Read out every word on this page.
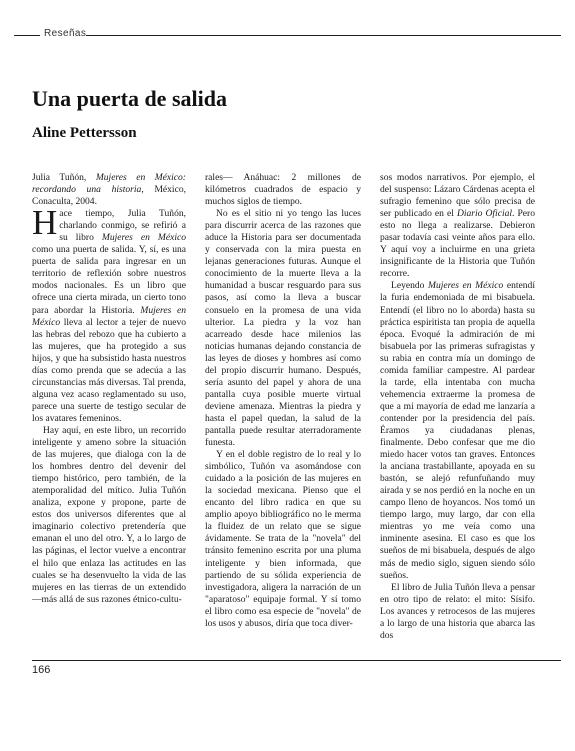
Reseñas
Una puerta de salida
Aline Pettersson

Julia Tuñón, Mujeres en México: recordando una historia, México, Conaculta, 2004.

Hace tiempo, Julia Tuñón, charlando conmigo, se refirió a su libro Mujeres en México como una puerta de salida. Y, sí, es una puerta de salida para ingresar en un territorio de reflexión sobre nuestros modos nacionales. Es un libro que ofrece una cierta mirada, un cierto tono para abordar la Historia. Mujeres en México lleva al lector a tejer de nuevo las hebras del rebozo que ha cubierto a las mujeres, que ha protegido a sus hijos, y que ha subsistido hasta nuestros días como prenda que se adecúa a las circunstancias más diversas. Tal prenda, alguna vez acaso reglamentado su uso, parece una suerte de testigo secular de los avatares femeninos.

Hay aquí, en este libro, un recorrido inteligente y ameno sobre la situación de las mujeres, que dialoga con la de los hombres dentro del devenir del tiempo histórico, pero también, de la atemporalidad del mítico. Julia Tuñón analiza, expone y propone, parte de estos dos universos diferentes que al imaginario colectivo pretendería que emanan el uno del otro. Y, a lo largo de las páginas, el lector vuelve a encontrar el hilo que enlaza las actitudes en las cuales se ha desenvuelto la vida de las mujeres en las tierras de un extendido —más allá de sus razones étnico-cultu-

rales— Anáhuac: 2 millones de kilómetros cuadrados de espacio y muchos siglos de tiempo.

No es el sitio ni yo tengo las luces para discurrir acerca de las razones que aduce la Historia para ser documentada y conservada con la mira puesta en lejanas generaciones futuras. Aunque el conocimiento de la muerte lleva a la humanidad a buscar resguardo para sus pasos, así como la lleva a buscar consuelo en la promesa de una vida ulterior. La piedra y la voz han acarreado desde hace milenios las noticias humanas dejando constancia de las leyes de dioses y hombres así como del propio discurrir humano. Después, sería asunto del papel y ahora de una pantalla cuya posible muerte virtual deviene amenaza. Mientras la piedra y hasta el papel quedan, la salud de la pantalla puede resultar aterradoramente funesta.

Y en el doble registro de lo real y lo simbólico, Tuñón va asomándose con cuidado a la posición de las mujeres en la sociedad mexicana. Pienso que el encanto del libro radica en que su amplio apoyo bibliográfico no le merma la fluidez de un relato que se sigue ávidamente. Se trata de la "novela" del tránsito femenino escrita por una pluma inteligente y bien informada, que partiendo de su sólida experiencia de investigadora, aligera la narración de un "aparatoso" equipaje formal. Y sí tomo el libro como esa especie de "novela" de los usos y abusos, diría que toca diver-

sos modos narrativos. Por ejemplo, el del suspenso: Lázaro Cárdenas acepta el sufragio femenino que sólo precisa de ser publicado en el Diario Oficial. Pero esto no llega a realizarse. Debieron pasar todavía casi veinte años para ello. Y aquí voy a incluirme en una grieta insignificante de la Historia que Tuñón recorre.

Leyendo Mujeres en México entendí la furia endemoniada de mi bisabuela. Entendí (el libro no lo aborda) hasta su práctica espiritista tan propia de aquella época. Evoqué la admiración de mi bisabuela por las primeras sufragistas y su rabia en contra mía un domingo de comida familiar campestre. Al pardear la tarde, ella intentaba con mucha vehemencia extraerme la promesa de que a mi mayoría de edad me lanzaría a contender por la presidencia del país. Éramos ya ciudadanas plenas, finalmente. Debo confesar que me dio miedo hacer votos tan graves. Entonces la anciana trastabillante, apoyada en su bastón, se alejó refunfuñando muy airada y se nos perdió en la noche en un campo lleno de hoyancos. Nos tomó un tiempo largo, muy largo, dar con ella mientras yo me veía como una inminente asesina. El caso es que los sueños de mi bisabuela, después de algo más de medio siglo, siguen siendo sólo sueños.

El libro de Julia Tuñón lleva a pensar en otro tipo de relato: el mito: Sísifo. Los avances y retrocesos de las mujeres a lo largo de una historia que abarca las dos

166
